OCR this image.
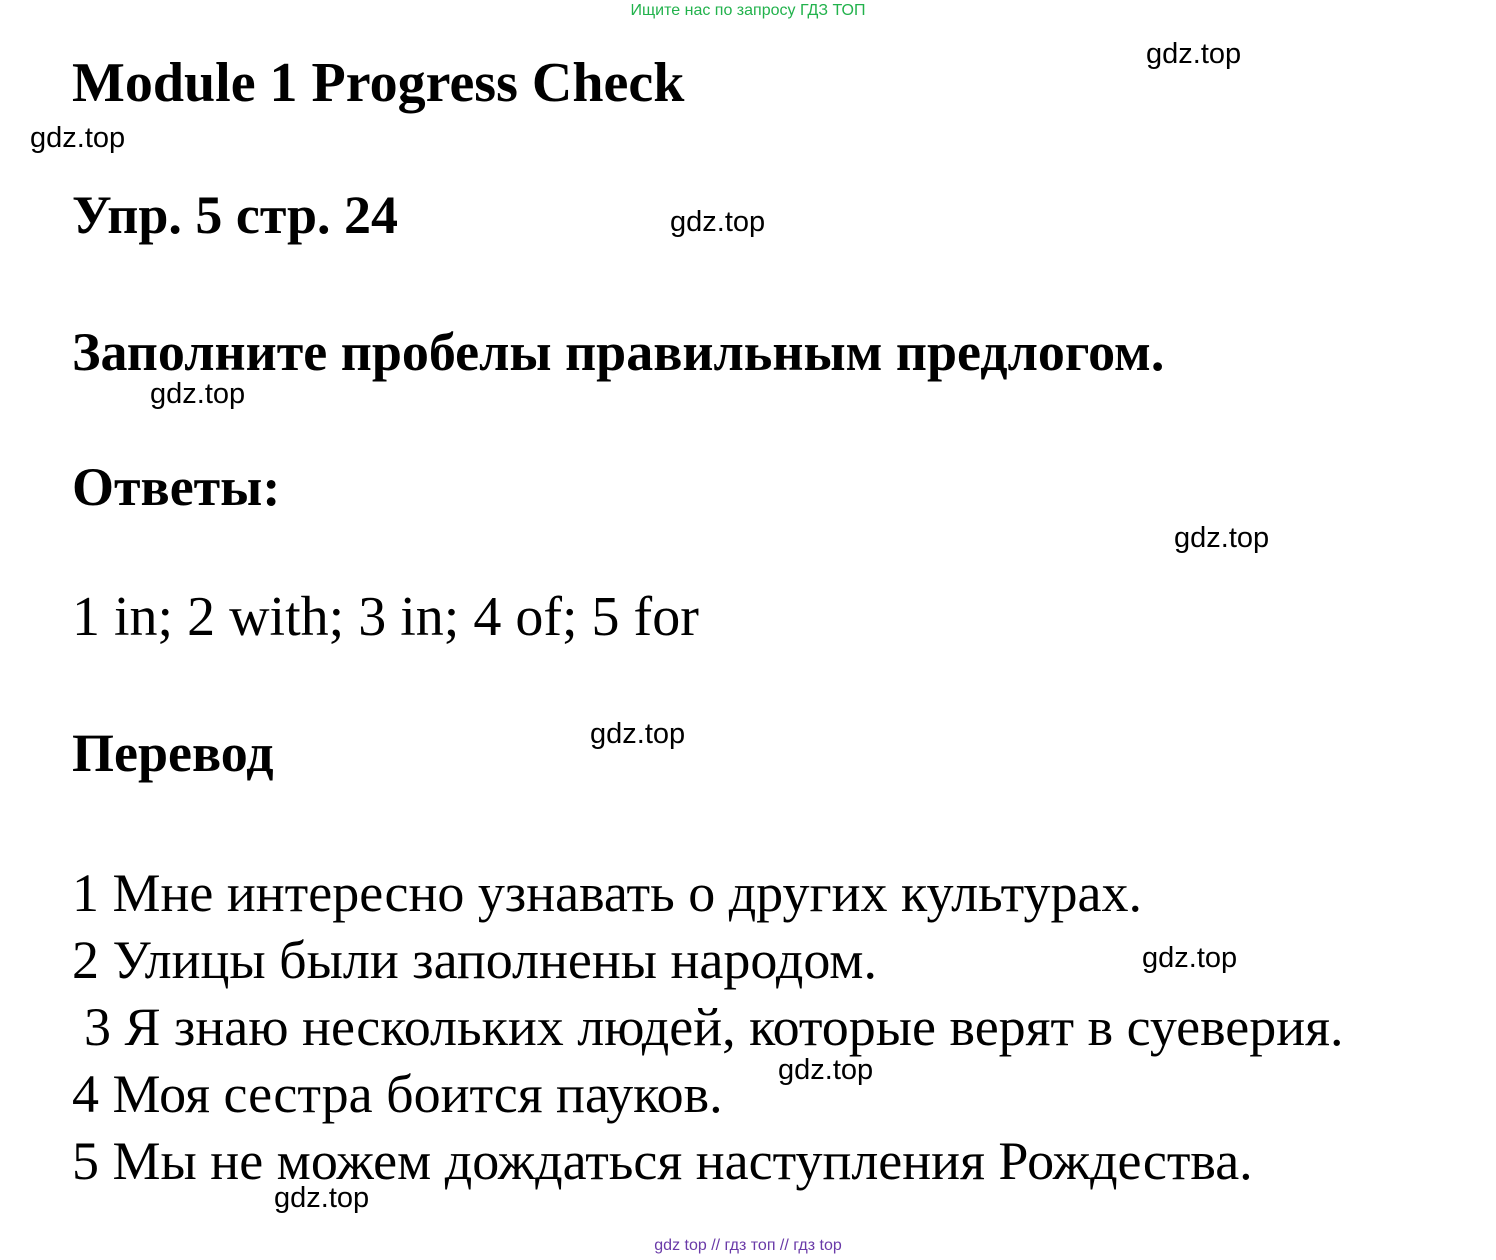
Ищите нас по запросу ГДЗ ТОП
Module 1 Progress Check
Упр. 5 стр. 24
Заполните пробелы правильным предлогом.
Ответы:

1 in; 2 with; 3 in; 4 of; 5 for

Перевод
1 Мне интересно узнавать о других культурах.
2 Улицы были заполнены народом.
3 Я знаю нескольких людей, которые верят в суеверия.
4 Моя сестра боится пауков.
5 Мы не можем дождаться наступления Рождества.
gdz.top
gdz.top
gdz.top
gdz.top
gdz.top
gdz.top
gdz.top
gdz.top
gdz.top
gdz top // гдз топ // гдз top
